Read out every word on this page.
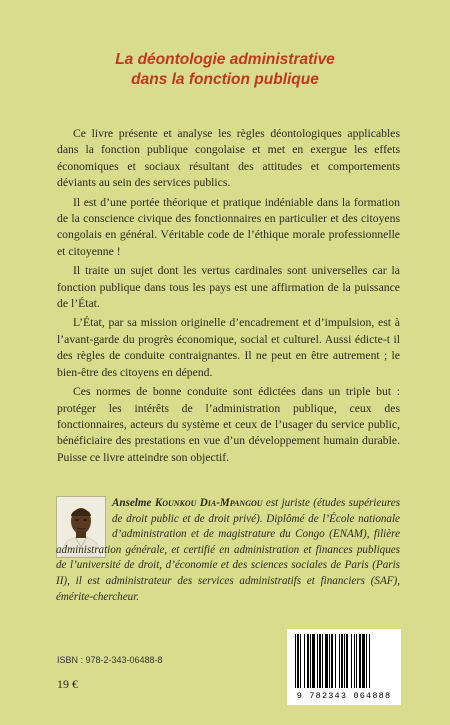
La déontologie administrative
dans la fonction publique

Ce livre présente et analyse les règles déontologiques applicables dans la fonction publique congolaise et met en exergue les effets économiques et sociaux résultant des attitudes et comportements déviants au sein des services publics.

Il est d’une portée théorique et pratique indéniable dans la formation de la conscience civique des fonctionnaires en particulier et des citoyens congolais en général. Véritable code de l’éthique morale professionnelle et citoyenne !

Il traite un sujet dont les vertus cardinales sont universelles car la fonction publique dans tous les pays est une affirmation de la puissance de l’État.

L’État, par sa mission originelle d’encadrement et d’impulsion, est à l’avant-garde du progrès économique, social et culturel. Aussi édicte-t il des règles de conduite contraignantes. Il ne peut en être autrement ; le bien-être des citoyens en dépend.

Ces normes de bonne conduite sont édictées dans un triple but : protéger les intérêts de l’administration publique, ceux des fonctionnaires, acteurs du système et ceux de l’usager du service public, bénéficiaire des prestations en vue d’un développement humain durable. Puisse ce livre atteindre son objectif.

Anselme Kounkou Dia-Mpangou est juriste (études supérieures de droit public et de droit privé). Diplômé de l’École nationale d’administration et de magistrature du Congo (ENAM), filière administration générale, et certifié en administration et finances publiques de l’université de droit, d’économie et des sciences sociales de Paris (Paris II), il est administrateur des services administratifs et financiers (SAF), émérite-chercheur.
ISBN : 978-2-343-06488-8
19 €
9 782343 064888
